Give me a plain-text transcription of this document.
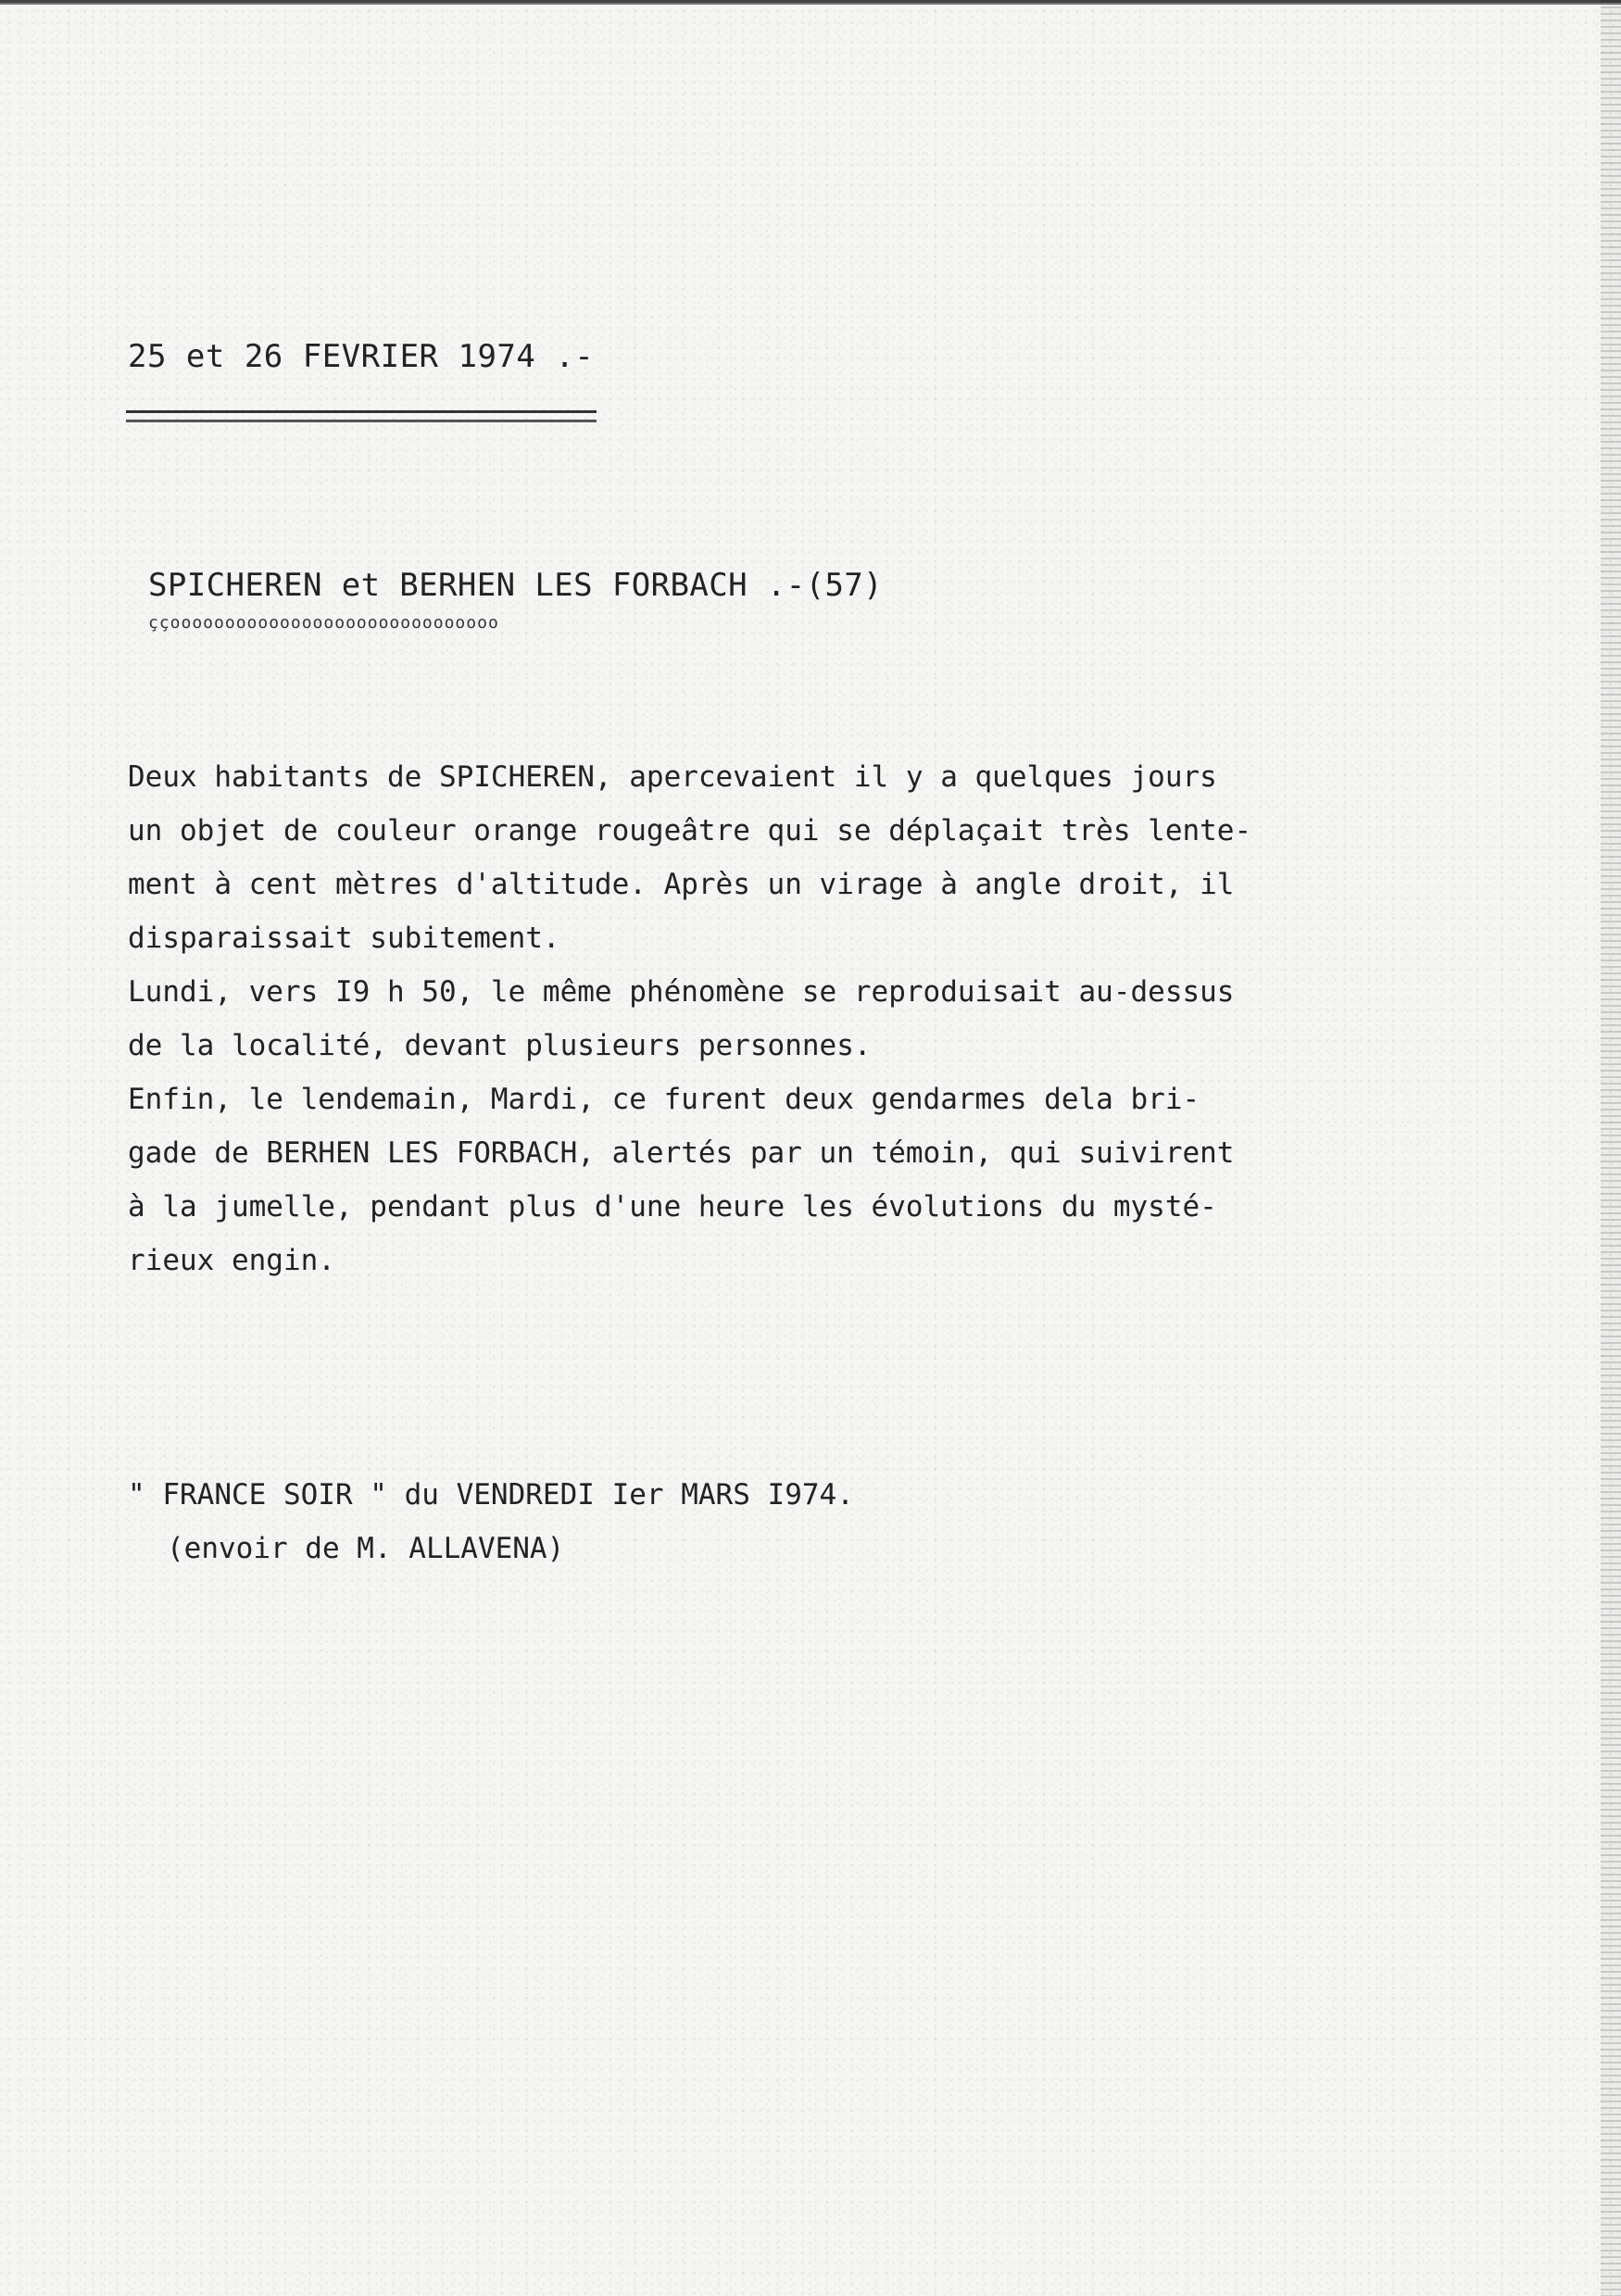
25 et 26 FEVRIER 1974 .-
SPICHEREN et BERHEN LES FORBACH .-(57)
ççoooooooooooooooooooooooooooooo
Deux habitants de SPICHEREN, apercevaient il y a quelques jours
un objet de couleur orange rougeâtre qui se déplaçait très lente-
ment à cent mètres d'altitude. Après un virage à angle droit, il
disparaissait subitement.
Lundi, vers I9 h 50, le même phénomène se reproduisait au-dessus
de la localité, devant plusieurs personnes.
Enfin, le lendemain, Mardi, ce furent deux gendarmes dela bri-
gade de BERHEN LES FORBACH, alertés par un témoin, qui suivirent
à la jumelle, pendant plus d'une heure les évolutions du mysté-
rieux engin.
" FRANCE SOIR " du VENDREDI Ier MARS I974.
(envoir de M. ALLAVENA)
